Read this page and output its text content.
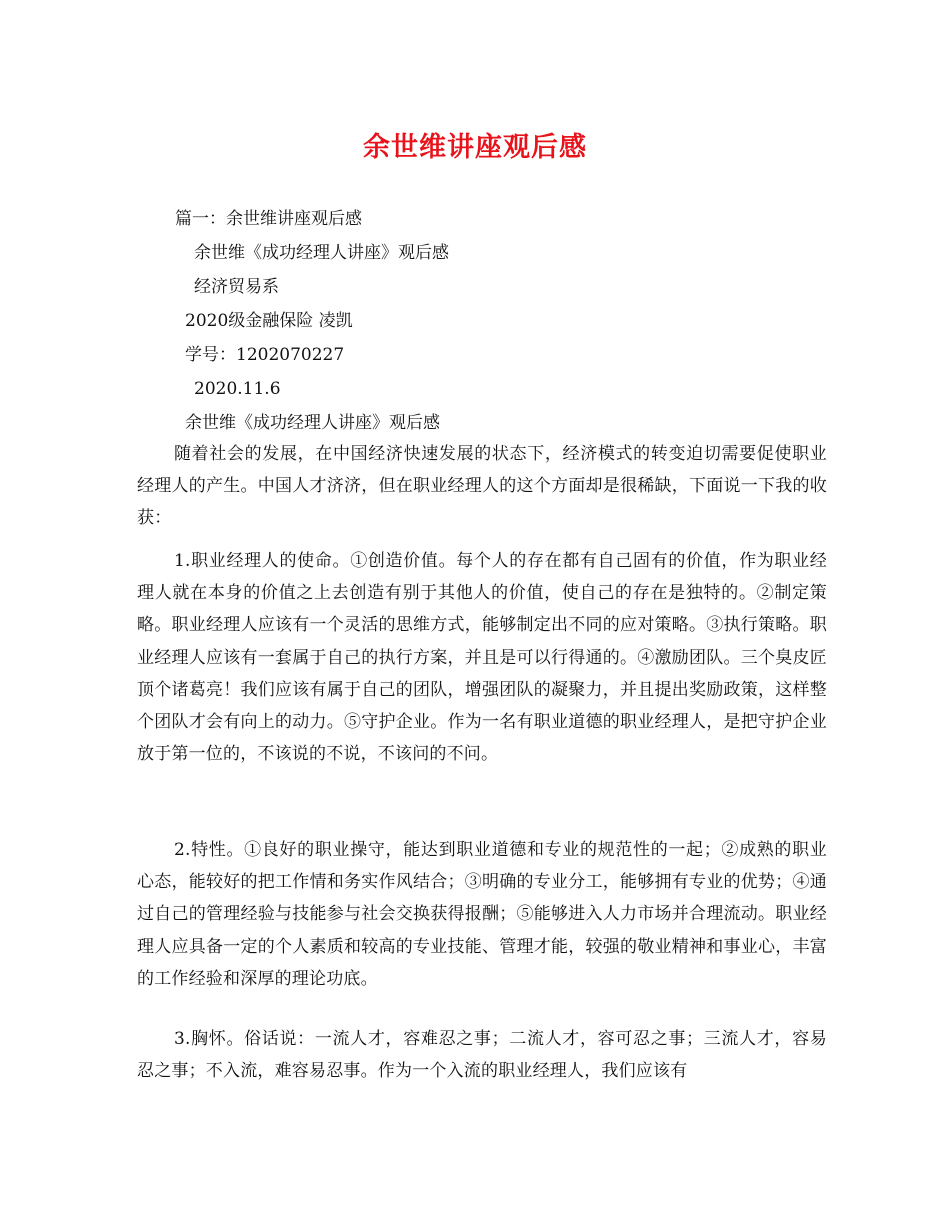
余世维讲座观后感
篇一：余世维讲座观后感
余世维《成功经理人讲座》观后感
经济贸易系
2020级金融保险 凌凯
学号：1202070227
2020.11.6
余世维《成功经理人讲座》观后感
随着社会的发展，在中国经济快速发展的状态下，经济模式的转变迫切需要促使职业经理人的产生。中国人才济济，但在职业经理人的这个方面却是很稀缺，下面说一下我的收获：
1.职业经理人的使命。①创造价值。每个人的存在都有自己固有的价值，作为职业经理人就在本身的价值之上去创造有别于其他人的价值，使自己的存在是独特的。②制定策略。职业经理人应该有一个灵活的思维方式，能够制定出不同的应对策略。③执行策略。职业经理人应该有一套属于自己的执行方案，并且是可以行得通的。④激励团队。三个臭皮匠顶个诸葛亮！我们应该有属于自己的团队，增强团队的凝聚力，并且提出奖励政策，这样整个团队才会有向上的动力。⑤守护企业。作为一名有职业道德的职业经理人，是把守护企业放于第一位的，不该说的不说，不该问的不问。
2.特性。①良好的职业操守，能达到职业道德和专业的规范性的一起；②成熟的职业心态，能较好的把工作情和务实作风结合；③明确的专业分工，能够拥有专业的优势；④通过自己的管理经验与技能参与社会交换获得报酬；⑤能够进入人力市场并合理流动。职业经理人应具备一定的个人素质和较高的专业技能、管理才能，较强的敬业精神和事业心，丰富的工作经验和深厚的理论功底。
3.胸怀。俗话说：一流人才，容难忍之事；二流人才，容可忍之事；三流人才，容易忍之事；不入流，难容易忍事。作为一个入流的职业经理人，我们应该有
